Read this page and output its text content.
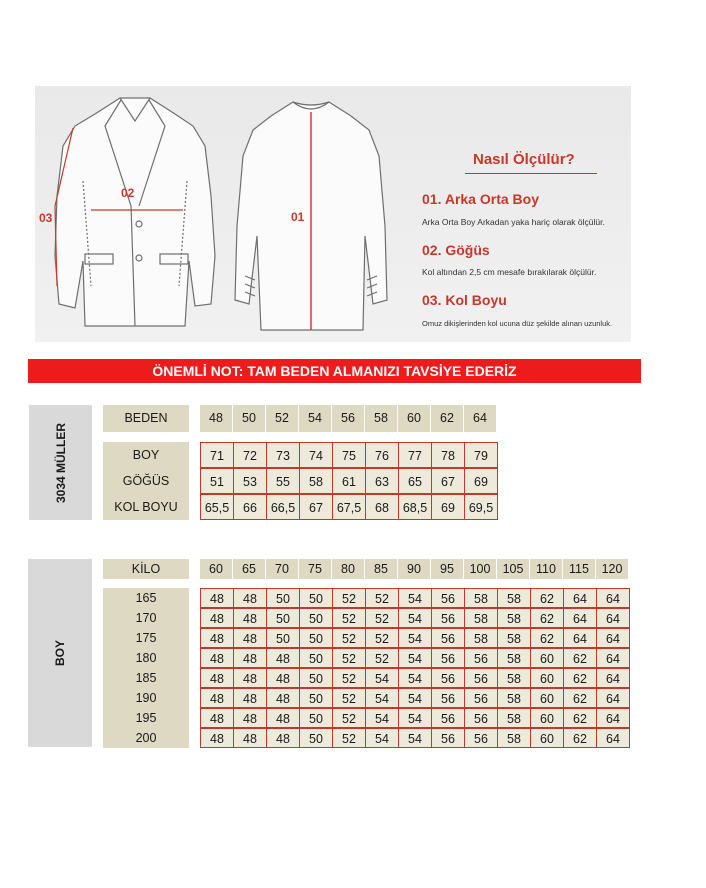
02
03	01
Nasıl Ölçülür?
01. Arka Orta Boy
Arka Orta Boy Arkadan yaka hariç olarak ölçülür.
02. Göğüs
Kol altından 2,5 cm mesafe bırakılarak ölçülür.
03. Kol Boyu
Omuz dikişlerinden kol ucuna düz şekilde alınan uzunluk.
ÖNEMLİ NOT: TAM BEDEN ALMANIZI TAVSİYE EDERİZ
3034 MÜLLER
BEDEN	48	50	52	54	56	58	60	62	64
BOY	71	72	73	74	75	76	77	78	79
GÖĞÜS	51	53	55	58	61	63	65	67	69
KOL BOYU	65,5	66	66,5	67	67,5	68	68,5	69	69,5
BOY
KİLO	60	65	70	75	80	85	90	95	100 105	110	115	120
165	48	48	50	50	52	52	54	56	58	58	62	64	64
170	48	48	50	50	52	52	54	56	58	58	62	64	64
175	48	48	50	50	52	52	54	56	58	58	62	64	64
180	48	48	48	50	52	52	54	56	56	58	60	62	64
185	48	48	48	50	52	54	54	56	56	58	60	62	64
190	48	48	48	50	52	54	54	56	56	58	60	62	64
195	48	48	48	50	52	54	54	56	56	58	60	62	64
200	48	48	48	50	52	54	54	56	56	58	60	62	64
